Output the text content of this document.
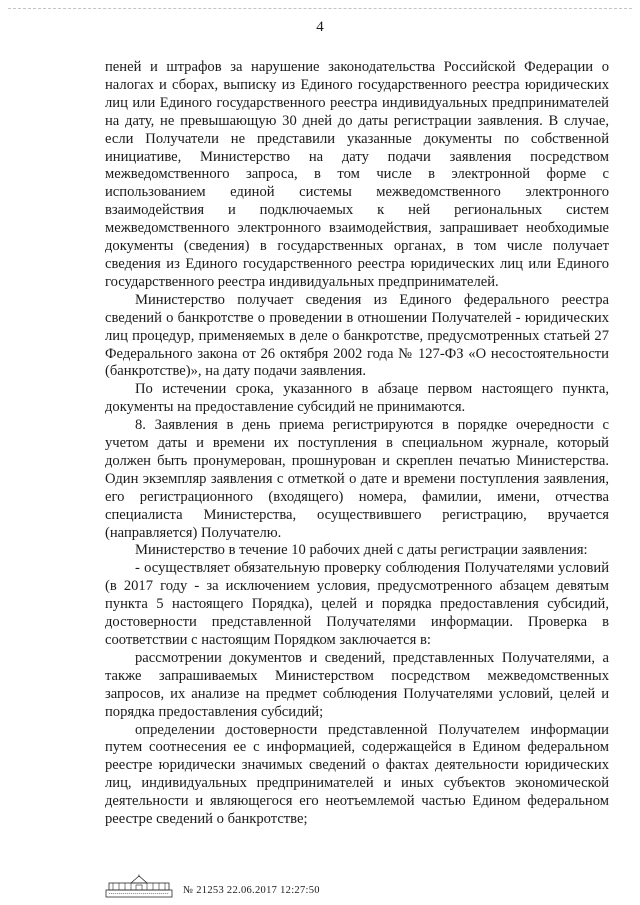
4

пеней и штрафов за нарушение законодательства Российской Федерации о налогах и сборах, выписку из Единого государственного реестра юридических лиц или Единого государственного реестра индивидуальных предпринимателей на дату, не превышающую 30 дней до даты регистрации заявления. В случае, если Получатели не представили указанные документы по собственной инициативе, Министерство на дату подачи заявления посредством межведомственного запроса, в том числе в электронной форме с использованием единой системы межведомственного электронного взаимодействия и подключаемых к ней региональных систем межведомственного электронного взаимодействия, запрашивает необходимые документы (сведения) в государственных органах, в том числе получает сведения из Единого государственного реестра юридических лиц или Единого государственного реестра индивидуальных предпринимателей.

Министерство получает сведения из Единого федерального реестра сведений о банкротстве о проведении в отношении Получателей - юридических лиц процедур, применяемых в деле о банкротстве, предусмотренных статьей 27 Федерального закона от 26 октября 2002 года № 127-ФЗ «О несостоятельности (банкротстве)», на дату подачи заявления.

По истечении срока, указанного в абзаце первом настоящего пункта, документы на предоставление субсидий не принимаются.

8. Заявления в день приема регистрируются в порядке очередности с учетом даты и времени их поступления в специальном журнале, который должен быть пронумерован, прошнурован и скреплен печатью Министерства. Один экземпляр заявления с отметкой о дате и времени поступления заявления, его регистрационного (входящего) номера, фамилии, имени, отчества специалиста Министерства, осуществившего регистрацию, вручается (направляется) Получателю.

Министерство в течение 10 рабочих дней с даты регистрации заявления:

- осуществляет обязательную проверку соблюдения Получателями условий (в 2017 году - за исключением условия, предусмотренного абзацем девятым пункта 5 настоящего Порядка), целей и порядка предоставления субсидий, достоверности представленной Получателями информации. Проверка в соответствии с настоящим Порядком заключается в:

рассмотрении документов и сведений, представленных Получателями, а также запрашиваемых Министерством посредством межведомственных запросов, их анализе на предмет соблюдения Получателями условий, целей и порядка предоставления субсидий;

определении достоверности представленной Получателем информации путем соотнесения ее с информацией, содержащейся в Едином федеральном реестре юридически значимых сведений о фактах деятельности юридических лиц, индивидуальных предпринимателей и иных субъектов экономической деятельности и являющегося его неотъемлемой частью Едином федеральном реестре сведений о банкротстве;

№ 21253 22.06.2017 12:27:50
